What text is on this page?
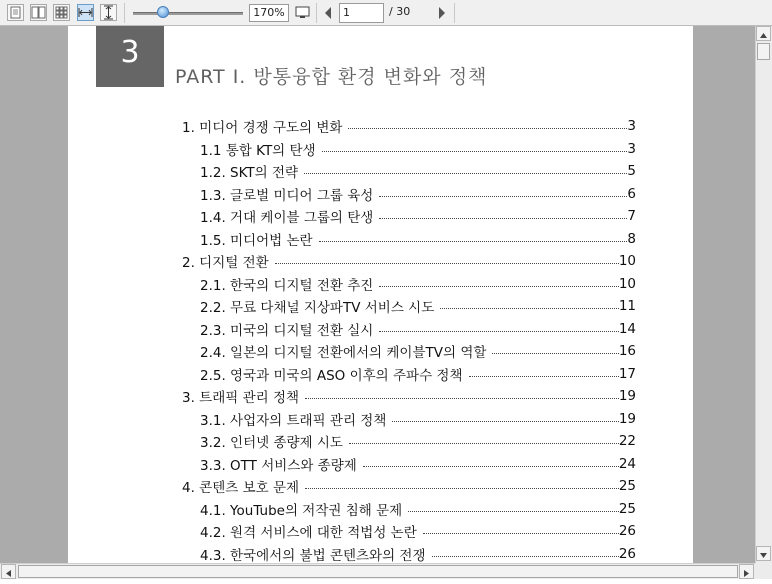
170%	1	/ 30
3
PART Ⅰ. 방통융합 환경 변화와 정책
1. 미디어 경쟁 구도의 변화	3
1.1 통합 KT의 탄생	3
1.2. SKT의 전략	5
1.3. 글로벌 미디어 그룹 육성	6
1.4. 거대 케이블 그룹의 탄생	7
1.5. 미디어법 논란	8
2. 디지털 전환	10
2.1. 한국의 디지털 전환 추진	10
2.2. 무료 다채널 지상파TV 서비스 시도	11
2.3. 미국의 디지털 전환 실시	14
2.4. 일본의 디지털 전환에서의 케이블TV의 역할	16
2.5. 영국과 미국의 ASO 이후의 주파수 정책	17
3. 트래픽 관리 정책	19
3.1. 사업자의 트래픽 관리 정책	19
3.2. 인터넷 종량제 시도	22
3.3. OTT 서비스와 종량제	24
4. 콘텐츠 보호 문제	25
4.1. YouTube의 저작권 침해 문제	25
4.2. 원격 서비스에 대한 적법성 논란	26
4.3. 한국에서의 불법 콘텐츠와의 전쟁	26
